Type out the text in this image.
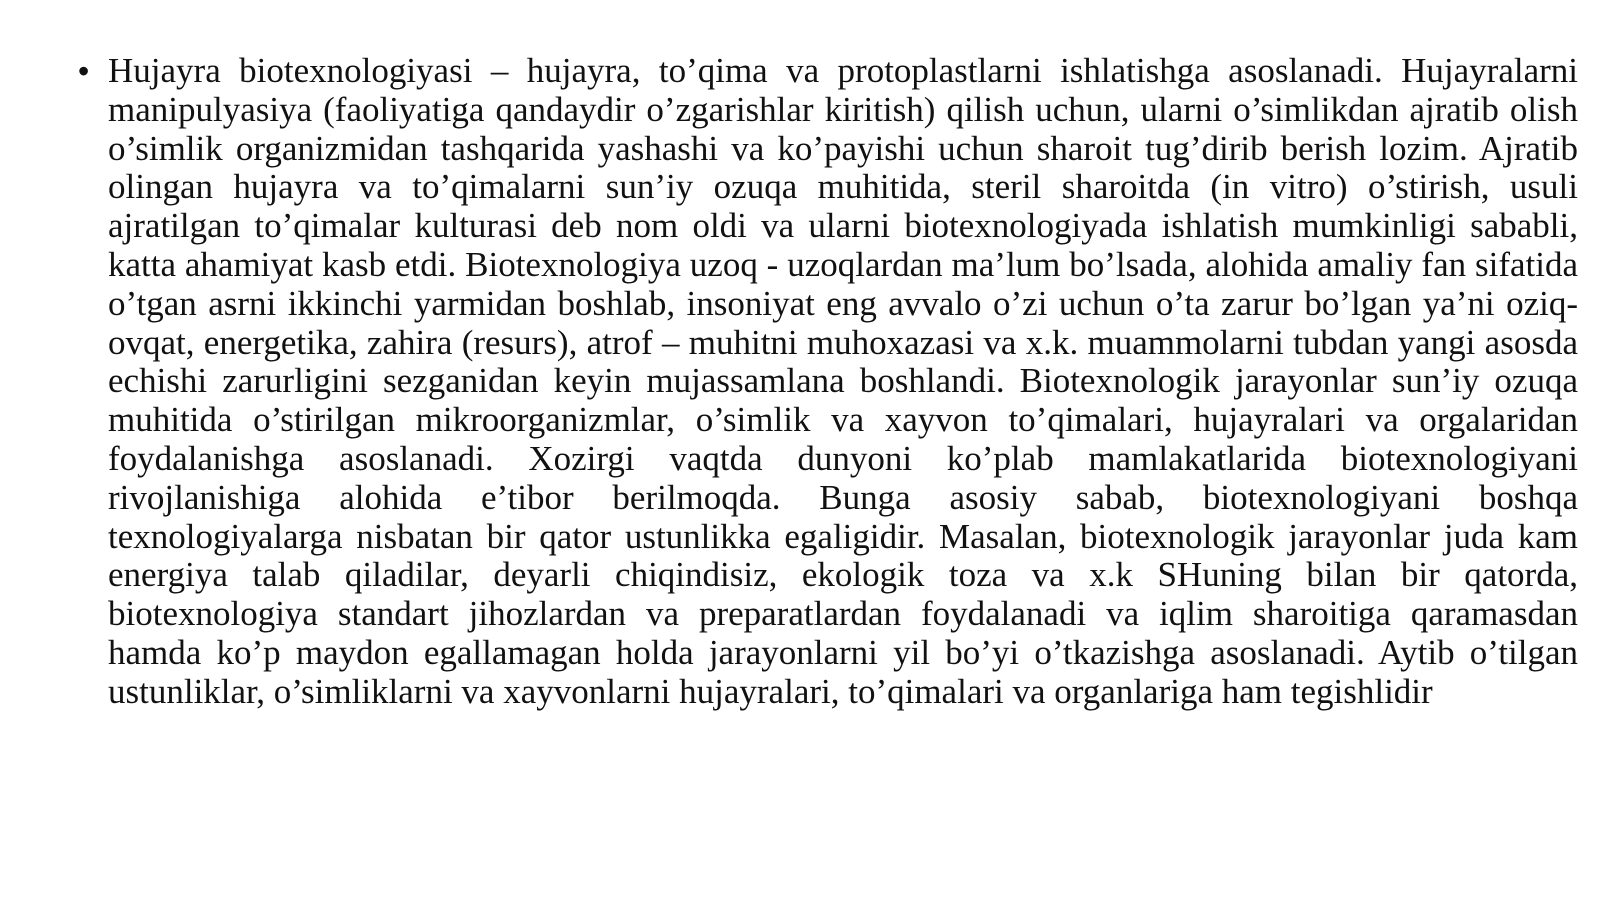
• Hujayra biotexnologiyasi – hujayra, to’qima va protoplastlarni ishlatishga asoslanadi. Hujayralarni manipulyasiya (faoliyatiga qandaydir o’zgarishlar kiritish) qilish uchun, ularni o’simlikdan ajratib olish o’simlik organizmidan tashqarida yashashi va ko’payishi uchun sharoit tug’dirib berish lozim. Ajratib olingan hujayra va to’qimalarni sun’iy ozuqa muhitida, steril sharoitda (in vitro) o’stirish, usuli ajratilgan to’qimalar kulturasi deb nom oldi va ularni biotexnologiyada ishlatish mumkinligi sababli, katta ahamiyat kasb etdi. Biotexnologiya uzoq - uzoqlardan ma’lum bo’lsada, alohida amaliy fan sifatida o’tgan asrni ikkinchi yarmidan boshlab, insoniyat eng avvalo o’zi uchun o’ta zarur bo’lgan ya’ni oziq-ovqat, energetika, zahira (resurs), atrof – muhitni muhoxazasi va x.k. muammolarni tubdan yangi asosda echishi zarurligini sezganidan keyin mujassamlana boshlandi. Biotexnologik jarayonlar sun’iy ozuqa muhitida o’stirilgan mikroorganizmlar, o’simlik va xayvon to’qimalari, hujayralari va orgalaridan foydalanishga asoslanadi. Xozirgi vaqtda dunyoni ko’plab mamlakatlarida biotexnologiyani rivojlanishiga alohida e’tibor berilmoqda. Bunga asosiy sabab, biotexnologiyani boshqa texnologiyalarga nisbatan bir qator ustunlikka egaligidir. Masalan, biotexnologik jarayonlar juda kam energiya talab qiladilar, deyarli chiqindisiz, ekologik toza va x.k SHuning bilan bir qatorda, biotexnologiya standart jihozlardan va preparatlardan foydalanadi va iqlim sharoitiga qaramasdan hamda ko’p maydon egallamagan holda jarayonlarni yil bo’yi o’tkazishga asoslanadi. Aytib o’tilgan ustunliklar, o’simliklarni va xayvonlarni hujayralari, to’qimalari va organlariga ham tegishlidir
